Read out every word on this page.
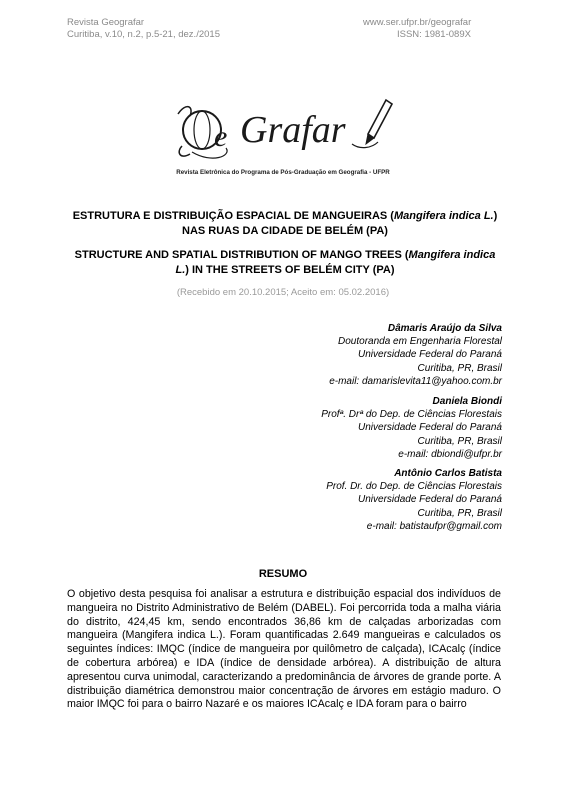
Revista Geografar
Curitiba, v.10, n.2, p.5-21, dez./2015
www.ser.ufpr.br/geografar
ISSN: 1981-089X
e Grafar
Revista Eletrônica do Programa de Pós-Graduação em Geografia - UFPR
ESTRUTURA E DISTRIBUIÇÃO ESPACIAL DE MANGUEIRAS (Mangifera indica L.) NAS RUAS DA CIDADE DE BELÉM (PA)
STRUCTURE AND SPATIAL DISTRIBUTION OF MANGO TREES (Mangifera indica L.) IN THE STREETS OF BELÉM CITY (PA)
(Recebido em 20.10.2015; Aceito em: 05.02.2016)
Dâmaris Araújo da Silva
Doutoranda em Engenharia Florestal
Universidade Federal do Paraná
Curitiba, PR, Brasil
e-mail: damarislevita11@yahoo.com.br
Daniela Biondi
Profª. Drª do Dep. de Ciências Florestais
Universidade Federal do Paraná
Curitiba, PR, Brasil
e-mail: dbiondi@ufpr.br
Antônio Carlos Batista
Prof. Dr. do Dep. de Ciências Florestais
Universidade Federal do Paraná
Curitiba, PR, Brasil
e-mail: batistaufpr@gmail.com
RESUMO
O objetivo desta pesquisa foi analisar a estrutura e distribuição espacial dos indivíduos de mangueira no Distrito Administrativo de Belém (DABEL). Foi percorrida toda a malha viária do distrito, 424,45 km, sendo encontrados 36,86 km de calçadas arborizadas com mangueira (Mangifera indica L.). Foram quantificadas 2.649 mangueiras e calculados os seguintes índices: IMQC (índice de mangueira por quilômetro de calçada), ICAcalç (índice de cobertura arbórea) e IDA (índice de densidade arbórea). A distribuição de altura apresentou curva unimodal, caracterizando a predominância de árvores de grande porte. A distribuição diamétrica demonstrou maior concentração de árvores em estágio maduro. O maior IMQC foi para o bairro Nazaré e os maiores ICAcalç e IDA foram para o bairro
